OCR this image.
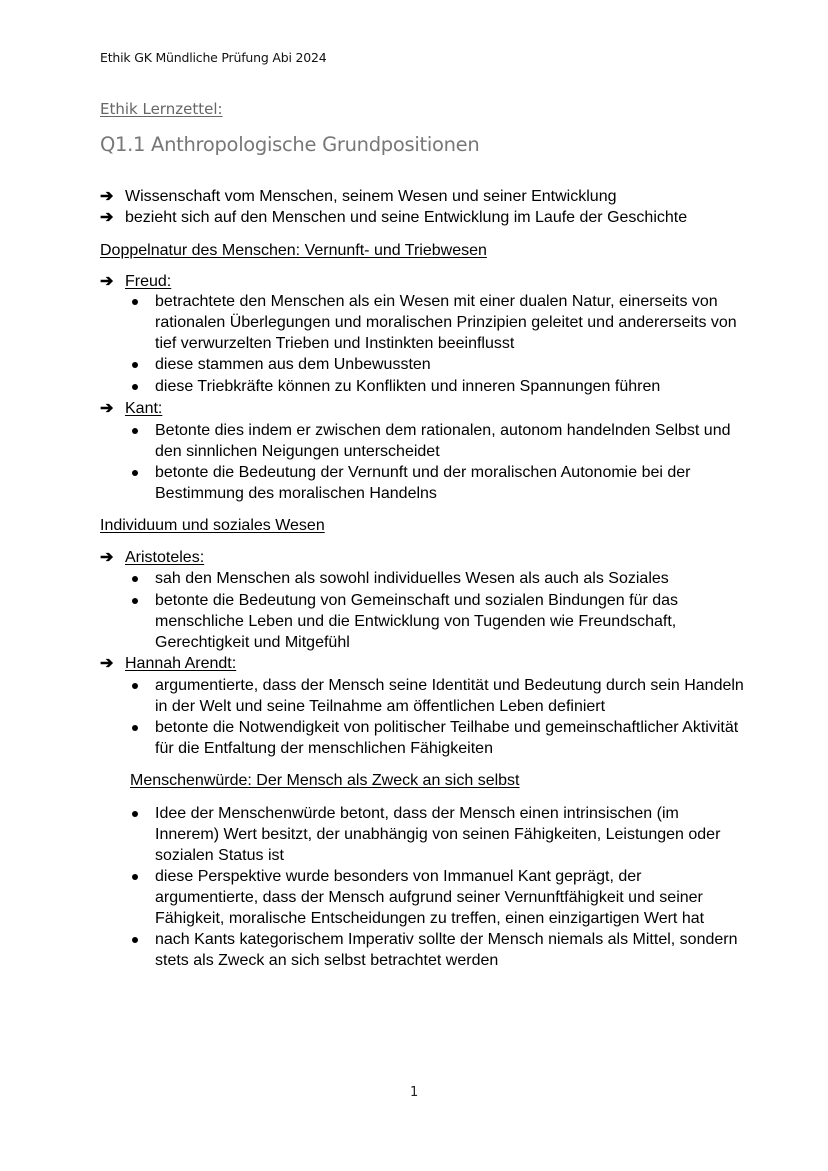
Ethik GK Mündliche Prüfung Abi 2024
Ethik Lernzettel:
Q1.1 Anthropologische Grundpositionen
➔ Wissenschaft vom Menschen, seinem Wesen und seiner Entwicklung
➔ bezieht sich auf den Menschen und seine Entwicklung im Laufe der Geschichte
Doppelnatur des Menschen: Vernunft- und Triebwesen
➔ Freud:
betrachtete den Menschen als ein Wesen mit einer dualen Natur, einerseits von rationalen Überlegungen und moralischen Prinzipien geleitet und andererseits von tief verwurzelten Trieben und Instinkten beeinflusst
diese stammen aus dem Unbewussten
diese Triebkräfte können zu Konflikten und inneren Spannungen führen
➔ Kant:
Betonte dies indem er zwischen dem rationalen, autonom handelnden Selbst und den sinnlichen Neigungen unterscheidet
betonte die Bedeutung der Vernunft und der moralischen Autonomie bei der Bestimmung des moralischen Handelns
Individuum und soziales Wesen
➔ Aristoteles:
sah den Menschen als sowohl individuelles Wesen als auch als Soziales
betonte die Bedeutung von Gemeinschaft und sozialen Bindungen für das menschliche Leben und die Entwicklung von Tugenden wie Freundschaft, Gerechtigkeit und Mitgefühl
➔ Hannah Arendt:
argumentierte, dass der Mensch seine Identität und Bedeutung durch sein Handeln in der Welt und seine Teilnahme am öffentlichen Leben definiert
betonte die Notwendigkeit von politischer Teilhabe und gemeinschaftlicher Aktivität für die Entfaltung der menschlichen Fähigkeiten
Menschenwürde: Der Mensch als Zweck an sich selbst
Idee der Menschenwürde betont, dass der Mensch einen intrinsischen (im Innerem) Wert besitzt, der unabhängig von seinen Fähigkeiten, Leistungen oder sozialen Status ist
diese Perspektive wurde besonders von Immanuel Kant geprägt, der argumentierte, dass der Mensch aufgrund seiner Vernunftfähigkeit und seiner Fähigkeit, moralische Entscheidungen zu treffen, einen einzigartigen Wert hat
nach Kants kategorischem Imperativ sollte der Mensch niemals als Mittel, sondern stets als Zweck an sich selbst betrachtet werden
1
